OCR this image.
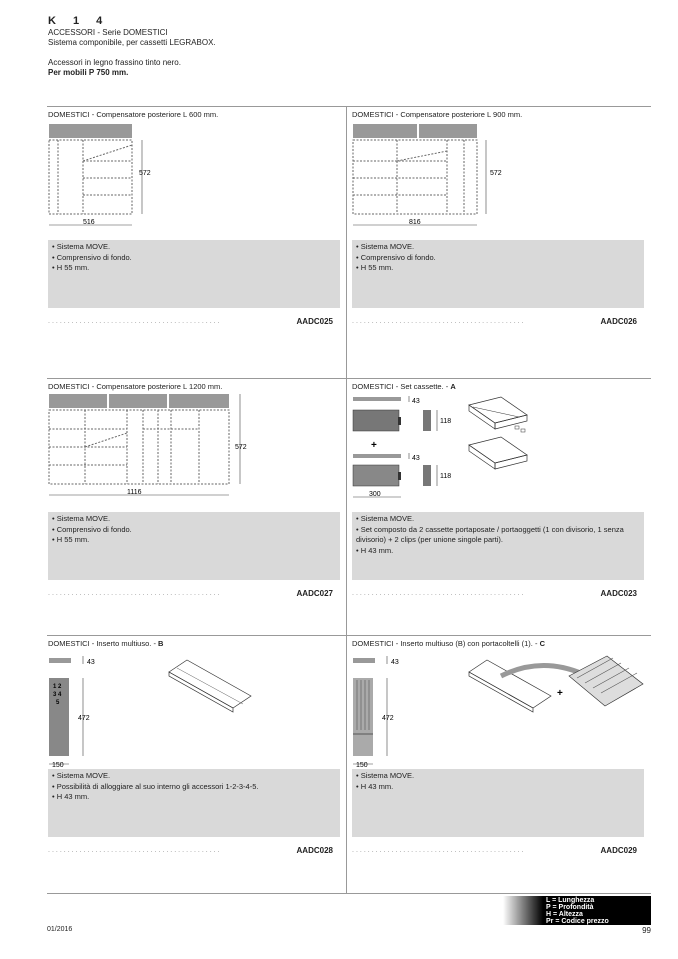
K 1 4
ACCESSORI - Serie DOMESTICI
Sistema componibile, per cassetti LEGRABOX.
Accessori in legno frassino tinto nero.
Per mobili P 750 mm.
DOMESTICI - Compensatore posteriore L 600 mm.
572
516
• Sistema MOVE.
• Comprensivo di fondo.
• H 55 mm.
............................................	AADC025
DOMESTICI - Compensatore posteriore L 900 mm.
572
816
• Sistema MOVE.
• Comprensivo di fondo.
• H 55 mm.
............................................	AADC026
DOMESTICI - Compensatore posteriore L 1200 mm.
572
1116
• Sistema MOVE.
• Comprensivo di fondo.
• H 55 mm.
............................................	AADC027
DOMESTICI - Set cassette. - A
43
118
+
43
118
300
• Sistema MOVE.
• Set composto da 2 cassette portaposate / portaoggetti (1 con divisorio, 1 senza divisorio) + 2 clips (per unione singole parti).
• H 43 mm.
............................................	AADC023
DOMESTICI - Inserto multiuso. - B
43
1 2
3 4
5
472
150
• Sistema MOVE.
• Possibilità di alloggiare al suo interno gli accessori 1-2-3-4-5.
• H 43 mm.
............................................	AADC028
DOMESTICI - Inserto multiuso (B) con portacoltelli (1). - C
43
472
150
+
• Sistema MOVE.
• H 43 mm.
............................................	AADC029
L = Lunghezza
P = Profondità
H = Altezza
Pr = Codice prezzo
01/2016	99
